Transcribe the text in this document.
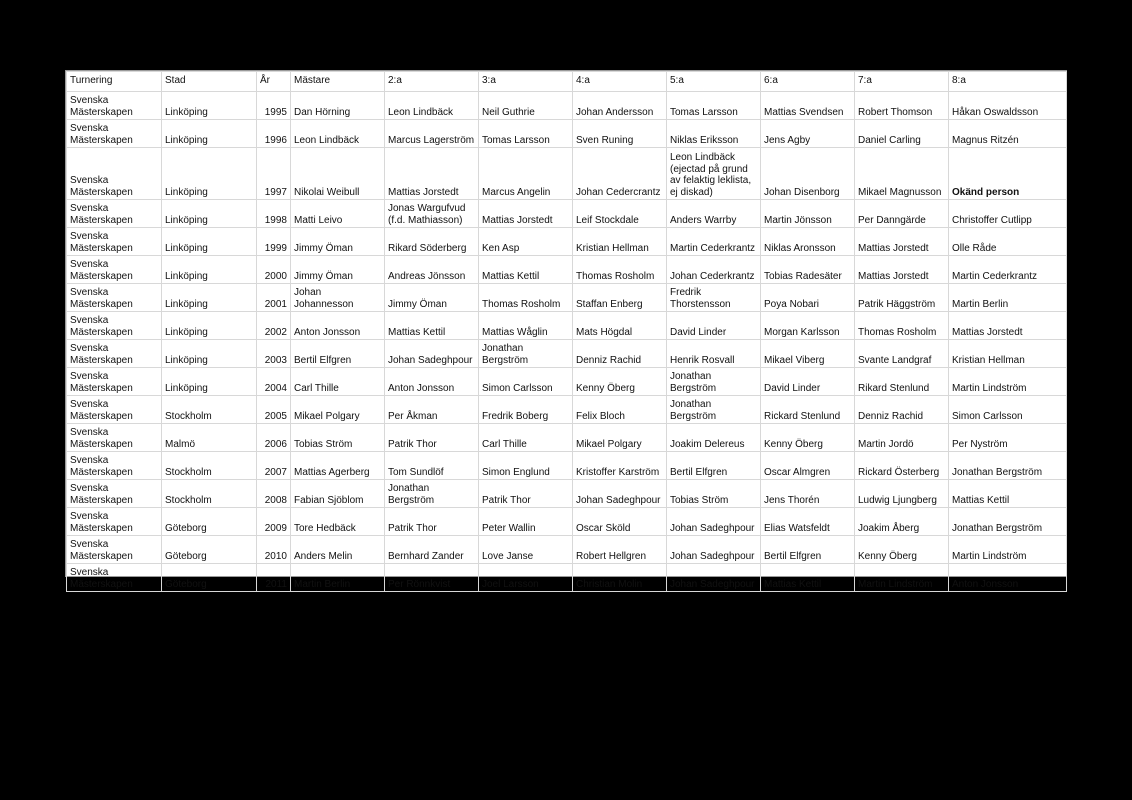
Turnering	Stad	År	Mästare	2:a	3:a	4:a	5:a	6:a	7:a	8:a
Svenska Mästerskapen	Linköping	1995	Dan Hörning	Leon Lindbäck	Neil Guthrie	Johan Andersson	Tomas Larsson	Mattias Svendsen	Robert Thomson	Håkan Oswaldsson
Svenska Mästerskapen	Linköping	1996	Leon Lindbäck	Marcus Lagerström	Tomas Larsson	Sven Runing	Niklas Eriksson	Jens Agby	Daniel Carling	Magnus Ritzén
Svenska Mästerskapen	Linköping	1997	Nikolai Weibull	Mattias Jorstedt	Marcus Angelin	Johan Cedercrantz	Leon Lindbäck (ejectad på grund av felaktig leklista, ej diskad)	Johan Disenborg	Mikael Magnusson	Okänd person
Svenska Mästerskapen	Linköping	1998	Matti Leivo	Jonas Wargufvud (f.d. Mathiasson)	Mattias Jorstedt	Leif Stockdale	Anders Warrby	Martin Jönsson	Per Danngärde	Christoffer Cutlipp
Svenska Mästerskapen	Linköping	1999	Jimmy Öman	Rikard Söderberg	Ken Asp	Kristian Hellman	Martin Cederkrantz	Niklas Aronsson	Mattias Jorstedt	Olle Råde
Svenska Mästerskapen	Linköping	2000	Jimmy Öman	Andreas Jönsson	Mattias Kettil	Thomas Rosholm	Johan Cederkrantz	Tobias Radesäter	Mattias Jorstedt	Martin Cederkrantz
Svenska Mästerskapen	Linköping	2001	Johan Johannesson	Jimmy Öman	Thomas Rosholm	Staffan Enberg	Fredrik Thorstensson	Poya Nobari	Patrik Häggström	Martin Berlin
Svenska Mästerskapen	Linköping	2002	Anton Jonsson	Mattias Kettil	Mattias Wåglin	Mats Högdal	David Linder	Morgan Karlsson	Thomas Rosholm	Mattias Jorstedt
Svenska Mästerskapen	Linköping	2003	Bertil Elfgren	Johan Sadeghpour	Jonathan Bergström	Denniz Rachid	Henrik Rosvall	Mikael Viberg	Svante Landgraf	Kristian Hellman
Svenska Mästerskapen	Linköping	2004	Carl Thille	Anton Jonsson	Simon Carlsson	Kenny Öberg	Jonathan Bergström	David Linder	Rikard Stenlund	Martin Lindström
Svenska Mästerskapen	Stockholm	2005	Mikael Polgary	Per Åkman	Fredrik Boberg	Felix Bloch	Jonathan Bergström	Rickard Stenlund	Denniz Rachid	Simon Carlsson
Svenska Mästerskapen	Malmö	2006	Tobias Ström	Patrik Thor	Carl Thille	Mikael Polgary	Joakim Delereus	Kenny Öberg	Martin Jordö	Per Nyström
Svenska Mästerskapen	Stockholm	2007	Mattias Agerberg	Tom Sundlöf	Simon Englund	Kristoffer Karström	Bertil Elfgren	Oscar Almgren	Rickard Österberg	Jonathan Bergström
Svenska Mästerskapen	Stockholm	2008	Fabian Sjöblom	Jonathan Bergström	Patrik Thor	Johan Sadeghpour	Tobias Ström	Jens Thorén	Ludwig Ljungberg	Mattias Kettil
Svenska Mästerskapen	Göteborg	2009	Tore Hedbäck	Patrik Thor	Peter Wallin	Oscar Sköld	Johan Sadeghpour	Elias Watsfeldt	Joakim Åberg	Jonathan Bergström
Svenska Mästerskapen	Göteborg	2010	Anders Melin	Bernhard Zander	Love Janse	Robert Hellgren	Johan Sadeghpour	Bertil Elfgren	Kenny Öberg	Martin Lindström
Svenska Mästerskapen	Göteborg	2011	Martin Berlin	Per Rönnkvist	Joel Larsson	Christian Molin	Johan Sadeghpour	Mattias Kettil	Martin Lindström	Anton Jonsson
